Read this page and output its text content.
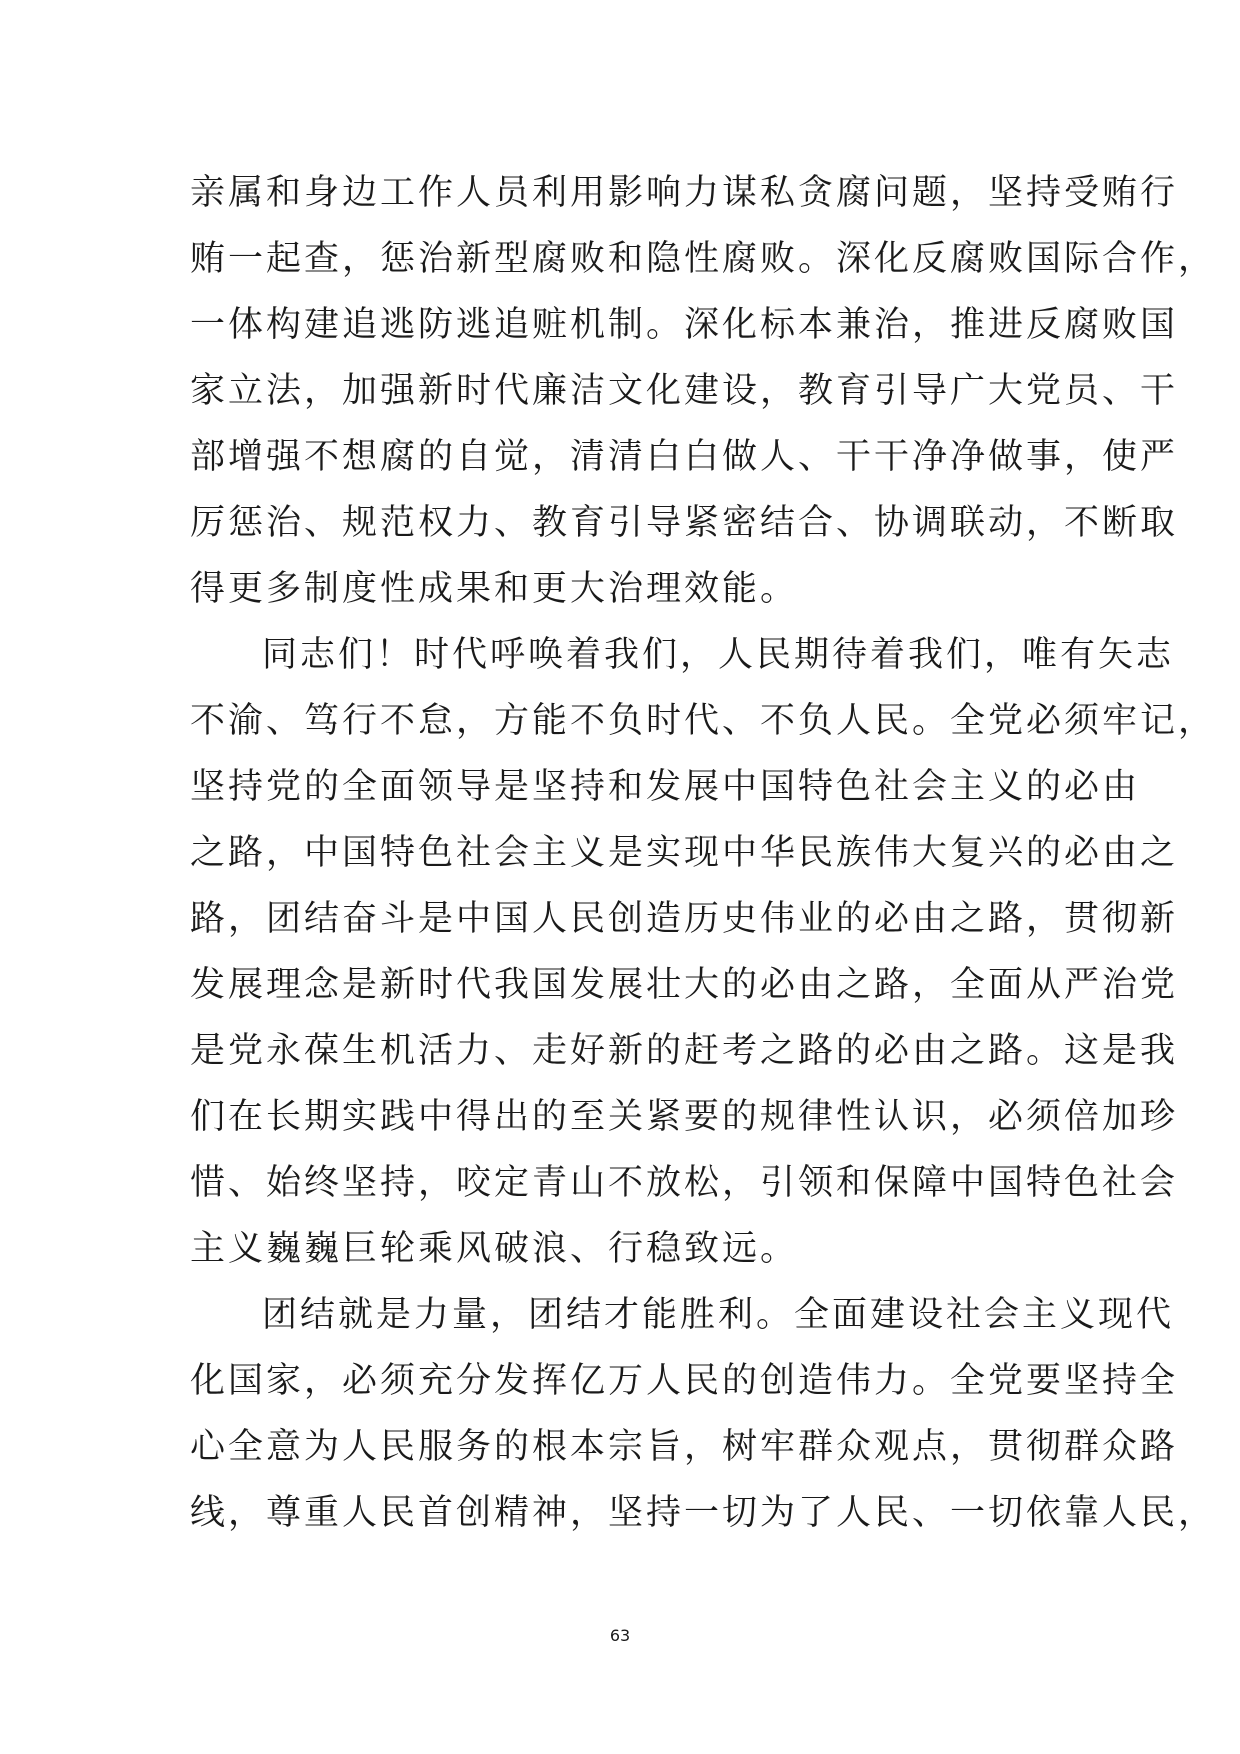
亲属和身边工作人员利用影响力谋私贪腐问题，坚持受贿行
贿一起查，惩治新型腐败和隐性腐败。深化反腐败国际合作，
一体构建追逃防逃追赃机制。深化标本兼治，推进反腐败国
家立法，加强新时代廉洁文化建设，教育引导广大党员、干
部增强不想腐的自觉，清清白白做人、干干净净做事，使严
厉惩治、规范权力、教育引导紧密结合、协调联动，不断取
得更多制度性成果和更大治理效能。
同志们！时代呼唤着我们，人民期待着我们，唯有矢志
不渝、笃行不怠，方能不负时代、不负人民。全党必须牢记，
坚持党的全面领导是坚持和发展中国特色社会主义的必由
之路，中国特色社会主义是实现中华民族伟大复兴的必由之
路，团结奋斗是中国人民创造历史伟业的必由之路，贯彻新
发展理念是新时代我国发展壮大的必由之路，全面从严治党
是党永葆生机活力、走好新的赶考之路的必由之路。这是我
们在长期实践中得出的至关紧要的规律性认识，必须倍加珍
惜、始终坚持，咬定青山不放松，引领和保障中国特色社会
主义巍巍巨轮乘风破浪、行稳致远。
团结就是力量，团结才能胜利。全面建设社会主义现代
化国家，必须充分发挥亿万人民的创造伟力。全党要坚持全
心全意为人民服务的根本宗旨，树牢群众观点，贯彻群众路
线，尊重人民首创精神，坚持一切为了人民、一切依靠人民，
63
